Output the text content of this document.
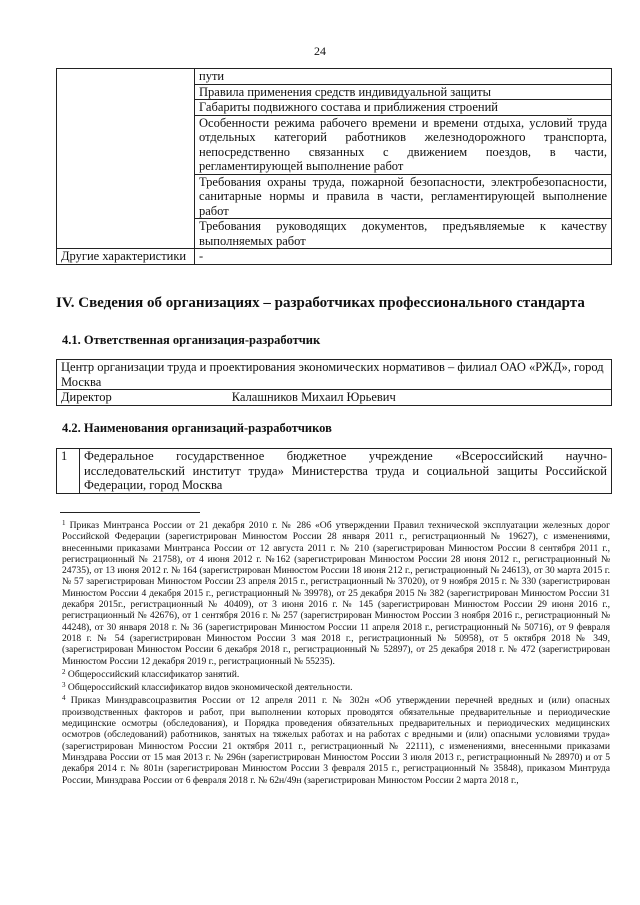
24
	пути
	Правила применения средств индивидуальной защиты
	Габариты подвижного состава и приближения строений
	Особенности режима рабочего времени и времени отдыха, условий труда отдельных категорий работников железнодорожного транспорта, непосредственно связанных с движением поездов, в части, регламентирующей выполнение работ
	Требования охраны труда, пожарной безопасности, электробезопасности, санитарные нормы и правила в части, регламентирующей выполнение работ
	Требования руководящих документов, предъявляемые к качеству выполняемых работ
Другие характеристики	-
IV. Сведения об организациях – разработчиках профессионального стандарта
4.1. Ответственная организация-разработчик
Центр организации труда и проектирования экономических нормативов – филиал ОАО «РЖД», город Москва
Директор	Калашников Михаил Юрьевич
4.2. Наименования организаций-разработчиков
1	Федеральное государственное бюджетное учреждение «Всероссийский научно-исследовательский институт труда» Министерства труда и социальной защиты Российской Федерации, город Москва

$^1$ Приказ Минтранса России от 21 декабря 2010 г. № 286 «Об утверждении Правил технической эксплуатации железных дорог Российской Федерации (зарегистрирован Минюстом России 28 января 2011 г., регистрационный № 19627), с изменениями, внесенными приказами Минтранса России от 12 августа 2011 г. № 210 (зарегистрирован Минюстом России 8 сентября 2011 г., регистрационный № 21758), от 4 июня 2012 г. №162 (зарегистрирован Минюстом России 28 июня 2012 г., регистрационный № 24735), от 13 июня 2012 г. № 164 (зарегистрирован Минюстом России 18 июня 212 г., регистрационный № 24613), от 30 марта 2015 г. № 57 зарегистрирован Минюстом России 23 апреля 2015 г., регистрационный № 37020), от 9 ноября 2015 г. № 330 (зарегистрирован Минюстом России 4 декабря 2015 г., регистрационный № 39978), от 25 декабря 2015 № 382 (зарегистрирован Минюстом России 31 декабря 2015г., регистрационный № 40409), от 3 июня 2016 г. № 145 (зарегистрирован Минюстом России 29 июня 2016 г., регистрационный № 42676), от 1 сентября 2016 г. № 257 (зарегистрирован Минюстом России 3 ноября 2016 г., регистрационный № 44248), от 30 января 2018 г. № 36 (зарегистрирован Минюстом России 11 апреля 2018 г., регистрационный № 50716), от 9 февраля 2018 г. № 54 (зарегистрирован Минюстом России 3 мая 2018 г., регистрационный № 50958), от 5 октября 2018 № 349, (зарегистрирован Минюстом России 6 декабря 2018 г., регистрационный № 52897), от 25 декабря 2018 г. № 472 (зарегистрирован Минюстом России 12 декабря 2019 г., регистрационный № 55235).

$^2$ Общероссийский классификатор занятий.

$^3$ Общероссийский классификатор видов экономической деятельности.

$^4$ Приказ Минздравсоцразвития России от 12 апреля 2011 г. № 302н «Об утверждении перечней вредных и (или) опасных производственных факторов и работ, при выполнении которых проводятся обязательные предварительные и периодические медицинские осмотры (обследования), и Порядка проведения обязательных предварительных и периодических медицинских осмотров (обследований) работников, занятых на тяжелых работах и на работах с вредными и (или) опасными условиями труда» (зарегистрирован Минюстом России 21 октября 2011 г., регистрационный № 22111), с изменениями, внесенными приказами Минздрава России от 15 мая 2013 г. № 296н (зарегистрирован Минюстом России 3 июля 2013 г., регистрационный № 28970) и от 5 декабря 2014 г. № 801н (зарегистрирован Минюстом России 3 февраля 2015 г., регистрационный № 35848), приказом Минтруда России, Минздрава России от 6 февраля 2018 г. № 62н/49н (зарегистрирован Минюстом России 2 марта 2018 г.,
